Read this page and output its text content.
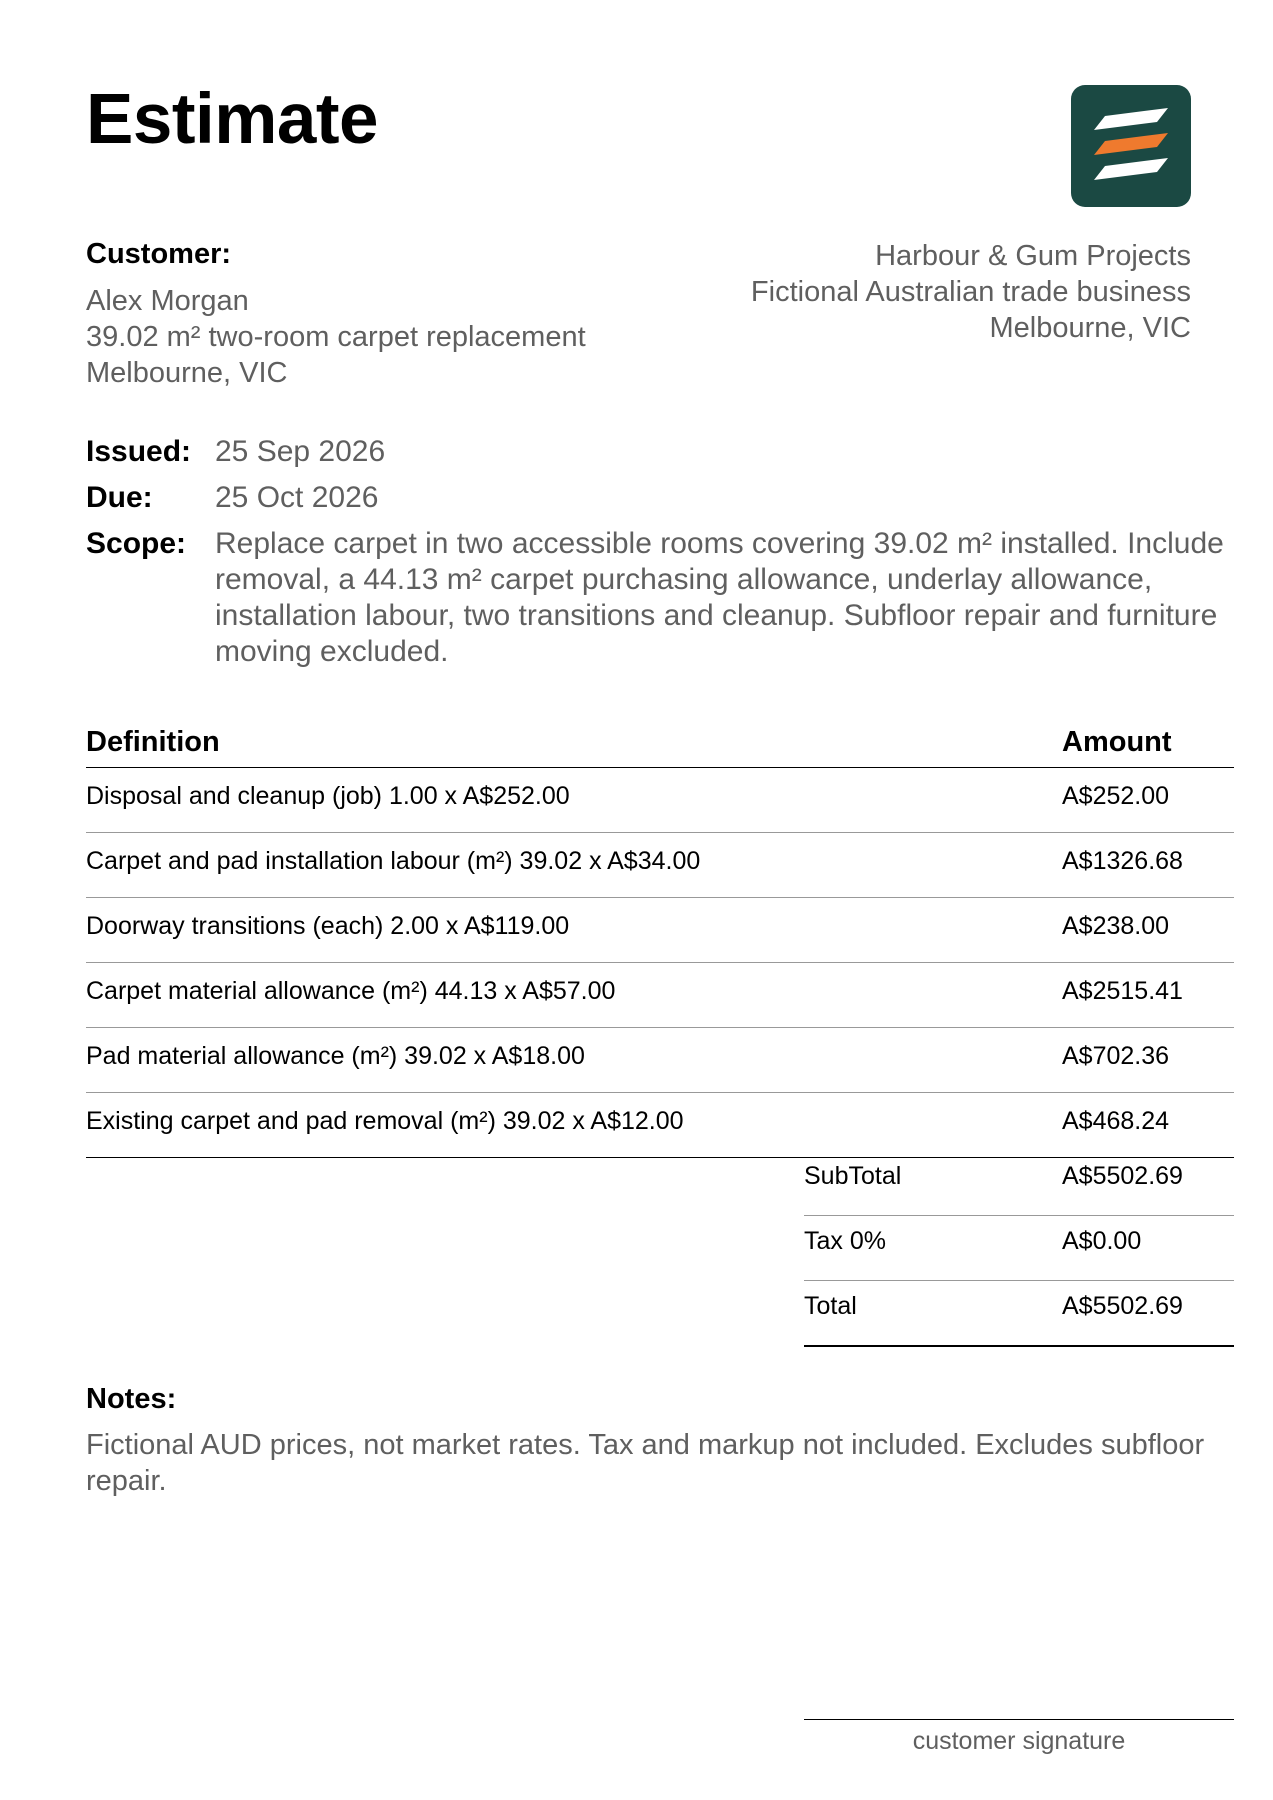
Estimate
Customer:
Alex Morgan
39.02 m² two-room carpet replacement
Melbourne, VIC
Harbour & Gum Projects
Fictional Australian trade business
Melbourne, VIC
Issued: 25 Sep 2026
Due:	25 Oct 2026
Scope: Replace carpet in two accessible rooms covering 39.02 m² installed. Include removal, a 44.13 m² carpet purchasing allowance, underlay allowance, installation labour, two transitions and cleanup. Subfloor repair and furniture moving excluded.
Definition	Amount
Disposal and cleanup (job) 1.00 x A$252.00	A$252.00
Carpet and pad installation labour (m²) 39.02 x A$34.00	A$1326.68
Doorway transitions (each) 2.00 x A$119.00	A$238.00
Carpet material allowance (m²) 44.13 x A$57.00	A$2515.41
Pad material allowance (m²) 39.02 x A$18.00	A$702.36
Existing carpet and pad removal (m²) 39.02 x A$12.00	A$468.24
SubTotal	A$5502.69
Tax 0%	A$0.00
Total	A$5502.69
Notes:
Fictional AUD prices, not market rates. Tax and markup not included. Excludes subfloor repair.
customer signature
